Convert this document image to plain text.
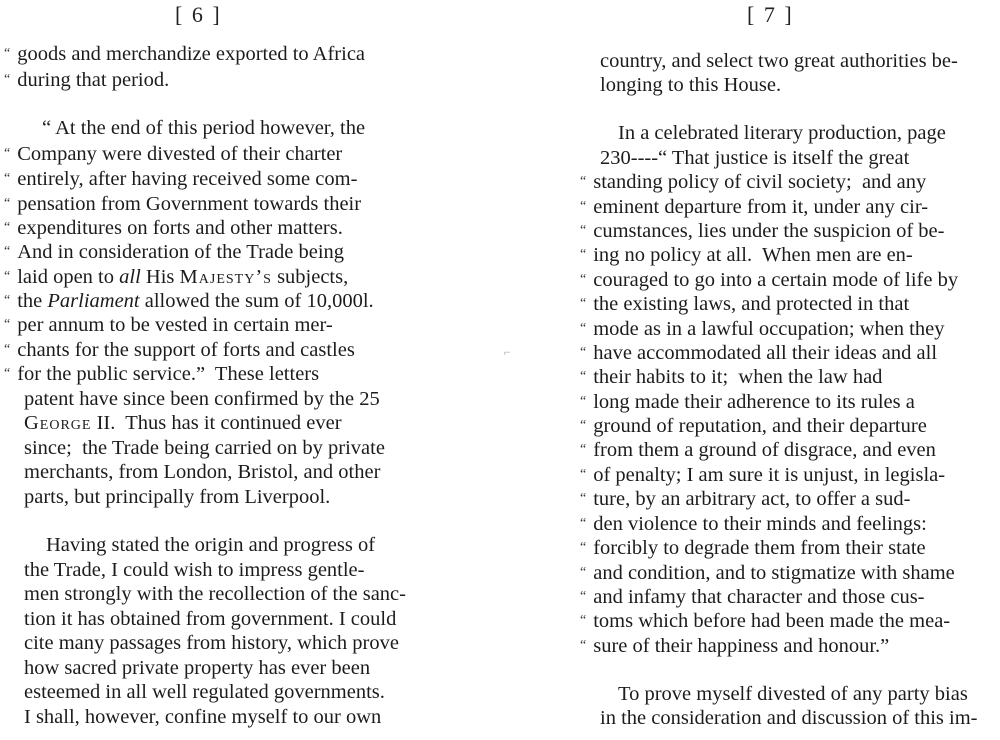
[ 6 ]
“ goods and merchandize exported to Africa
“ during that period.
“ At the end of this period however, the
“ Company were divested of their charter
“ entirely, after having received some com-
“ pensation from Government towards their
“ expenditures on forts and other matters.
“ And in consideration of the Trade being
“ laid open to all His Majesty’s subjects,
“ the Parliament allowed the sum of 10,000l.
“ per annum to be vested in certain mer-
“ chants for the support of forts and castles
“ for the public service.”  These letters
patent have since been confirmed by the 25
George II.  Thus has it continued ever
since;  the Trade being carried on by private
merchants, from London, Bristol, and other
parts, but principally from Liverpool.
Having stated the origin and progress of
the Trade, I could wish to impress gentle-
men strongly with the recollection of the sanc-
tion it has obtained from government. I could
cite many passages from history, which prove
how sacred private property has ever been
esteemed in all well regulated governments.
I shall, however, confine myself to our own
⌐
[ 7 ]
country, and select two great authorities be-
longing to this House.
In a celebrated literary production, page
230----“ That justice is itself the great
“ standing policy of civil society;  and any
“ eminent departure from it, under any cir-
“ cumstances, lies under the suspicion of be-
“ ing no policy at all.  When men are en-
“ couraged to go into a certain mode of life by
“ the existing laws, and protected in that
“ mode as in a lawful occupation; when they
“ have accommodated all their ideas and all
“ their habits to it;  when the law had
“ long made their adherence to its rules a
“ ground of reputation, and their departure
“ from them a ground of disgrace, and even
“ of penalty; I am sure it is unjust, in legisla-
“ ture, by an arbitrary act, to offer a sud-
“ den violence to their minds and feelings:
“ forcibly to degrade them from their state
“ and condition, and to stigmatize with shame
“ and infamy that character and those cus-
“ toms which before had been made the mea-
“ sure of their happiness and honour.”
To prove myself divested of any party bias
in the consideration and discussion of this im-
